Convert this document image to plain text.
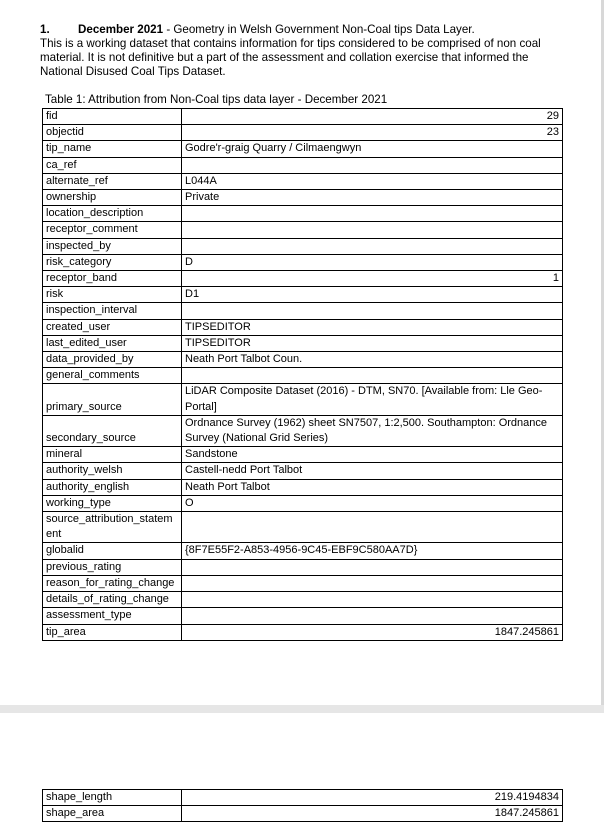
1. December 2021 - Geometry in Welsh Government Non-Coal tips Data Layer.
This is a working dataset that contains information for tips considered to be comprised of non coal material. It is not definitive but a part of the assessment and collation exercise that informed the National Disused Coal Tips Dataset.
Table 1: Attribution from Non-Coal tips data layer - December 2021
fid	29
objectid	23
tip_name	Godre'r-graig Quarry / Cilmaengwyn
ca_ref	
alternate_ref	L044A
ownership	Private
location_description	
receptor_comment	
inspected_by	
risk_category	D
receptor_band	1
risk	D1
inspection_interval	
created_user	TIPSEDITOR
last_edited_user	TIPSEDITOR
data_provided_by	Neath Port Talbot Coun.
general_comments	
primary_source	LiDAR Composite Dataset (2016) - DTM, SN70. [Available from: Lle Geo-Portal]
secondary_source	Ordnance Survey (1962) sheet SN7507, 1:2,500. Southampton: Ordnance Survey (National Grid Series)
mineral	Sandstone
authority_welsh	Castell-nedd Port Talbot
authority_english	Neath Port Talbot
working_type	O
source_attribution_statement	
globalid	{8F7E55F2-A853-4956-9C45-EBF9C580AA7D}
previous_rating	
reason_for_rating_change	
details_of_rating_change	
assessment_type	
tip_area	1847.245861
shape_length	219.4194834
shape_area	1847.245861
